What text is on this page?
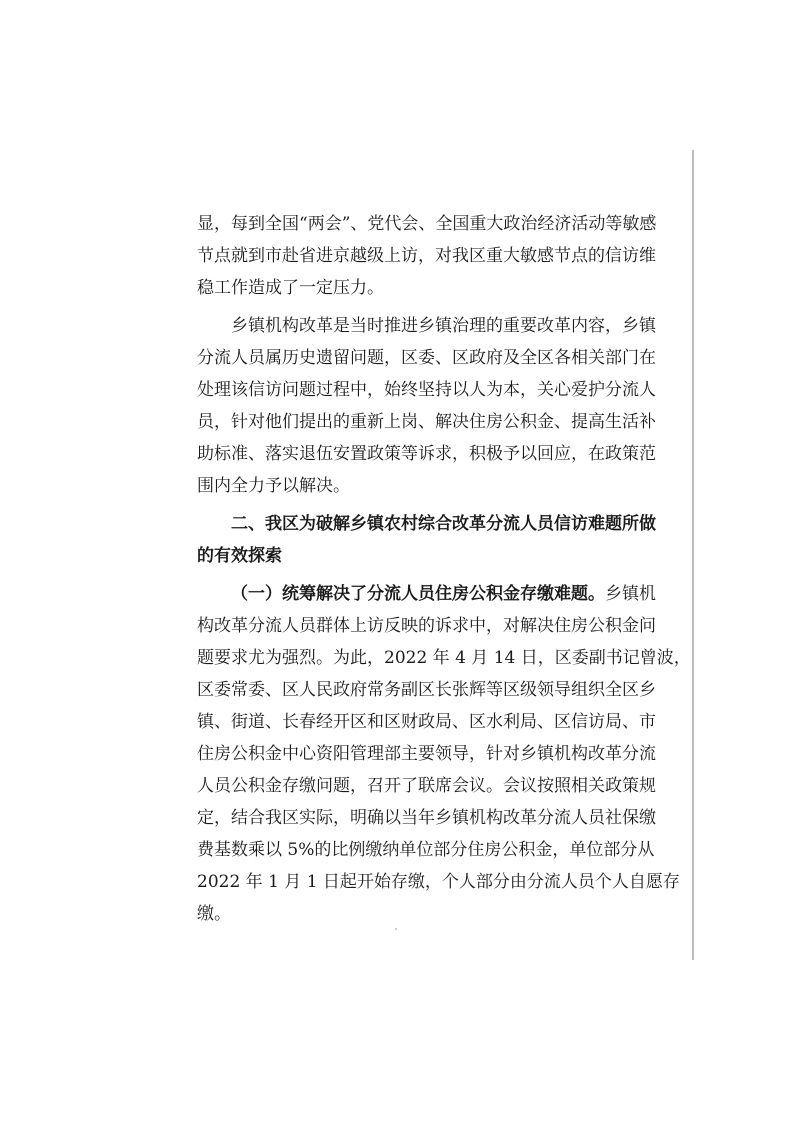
显，每到全国“两会”、党代会、全国重大政治经济活动等敏感
节点就到市赴省进京越级上访，对我区重大敏感节点的信访维
稳工作造成了一定压力。
乡镇机构改革是当时推进乡镇治理的重要改革内容，乡镇
分流人员属历史遗留问题，区委、区政府及全区各相关部门在
处理该信访问题过程中，始终坚持以人为本，关心爱护分流人
员，针对他们提出的重新上岗、解决住房公积金、提高生活补
助标准、落实退伍安置政策等诉求，积极予以回应，在政策范
围内全力予以解决。
二、我区为破解乡镇农村综合改革分流人员信访难题所做
的有效探索
（一）统筹解决了分流人员住房公积金存缴难题。乡镇机
构改革分流人员群体上访反映的诉求中，对解决住房公积金问
题要求尤为强烈。为此，2022 年 4 月 14 日，区委副书记曾波，
区委常委、区人民政府常务副区长张辉等区级领导组织全区乡
镇、街道、长春经开区和区财政局、区水利局、区信访局、市
住房公积金中心资阳管理部主要领导，针对乡镇机构改革分流
人员公积金存缴问题，召开了联席会议。会议按照相关政策规
定，结合我区实际，明确以当年乡镇机构改革分流人员社保缴
费基数乘以 5%的比例缴纳单位部分住房公积金，单位部分从
2022 年 1 月 1 日起开始存缴，个人部分由分流人员个人自愿存
缴。
